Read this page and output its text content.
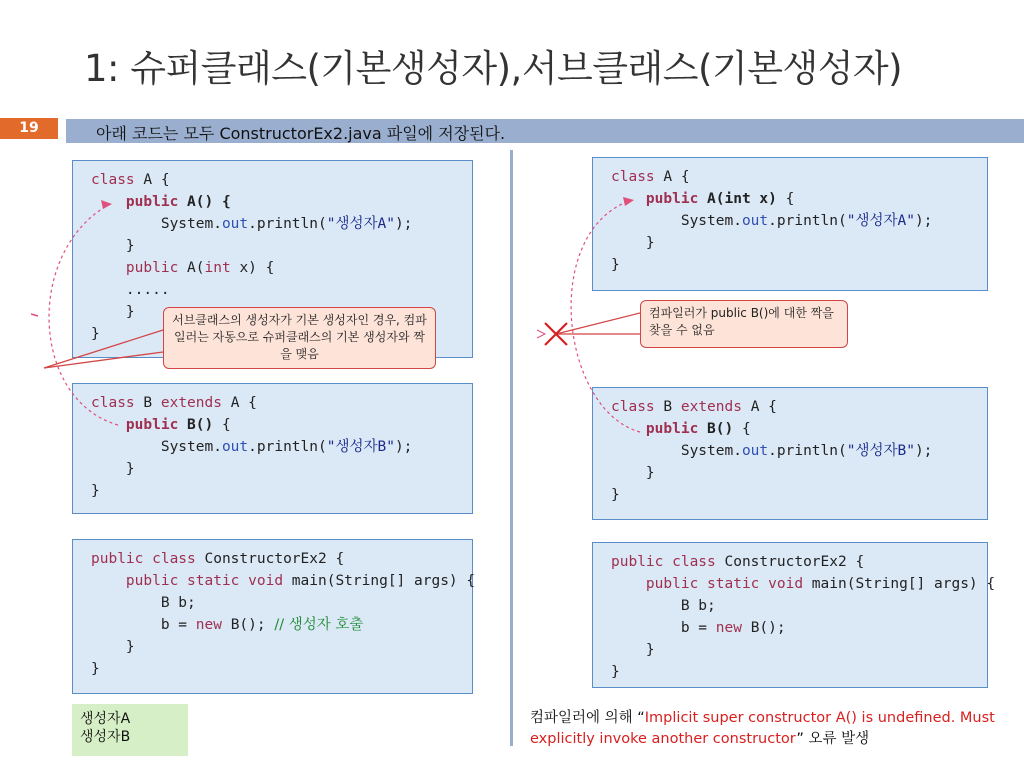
1: 슈퍼클래스(기본생성자),서브클래스(기본생성자)
19	아래 코드는 모두 ConstructorEx2.java 파일에 저장된다.
class A {
public A() {
System.out.println("생성자A");
}
public A(int x) {
.....
}
}
class B extends A {
public B() {
System.out.println("생성자B");
}
}
public class ConstructorEx2 {
public static void main(String[] args) {
B b;
b = new B(); // 생성자 호출
}
}
class A {
public A(int x) {
System.out.println("생성자A");
}
}
class B extends A {
public B() {
System.out.println("생성자B");
}
}
public class ConstructorEx2 {
public static void main(String[] args) {
B b;
b = new B();
}
}
서브클래스의 생성자가 기본 생성자인 경우, 컴파일러는 자동으로 슈퍼클래스의 기본 생성자와 짝을 맺음
컴파일러가 public B()에 대한 짝을 찾을 수 없음
생성자A
생성자B
컴파일러에 의해 “Implicit super constructor A() is undefined. Must explicitly invoke another constructor” 오류 발생
